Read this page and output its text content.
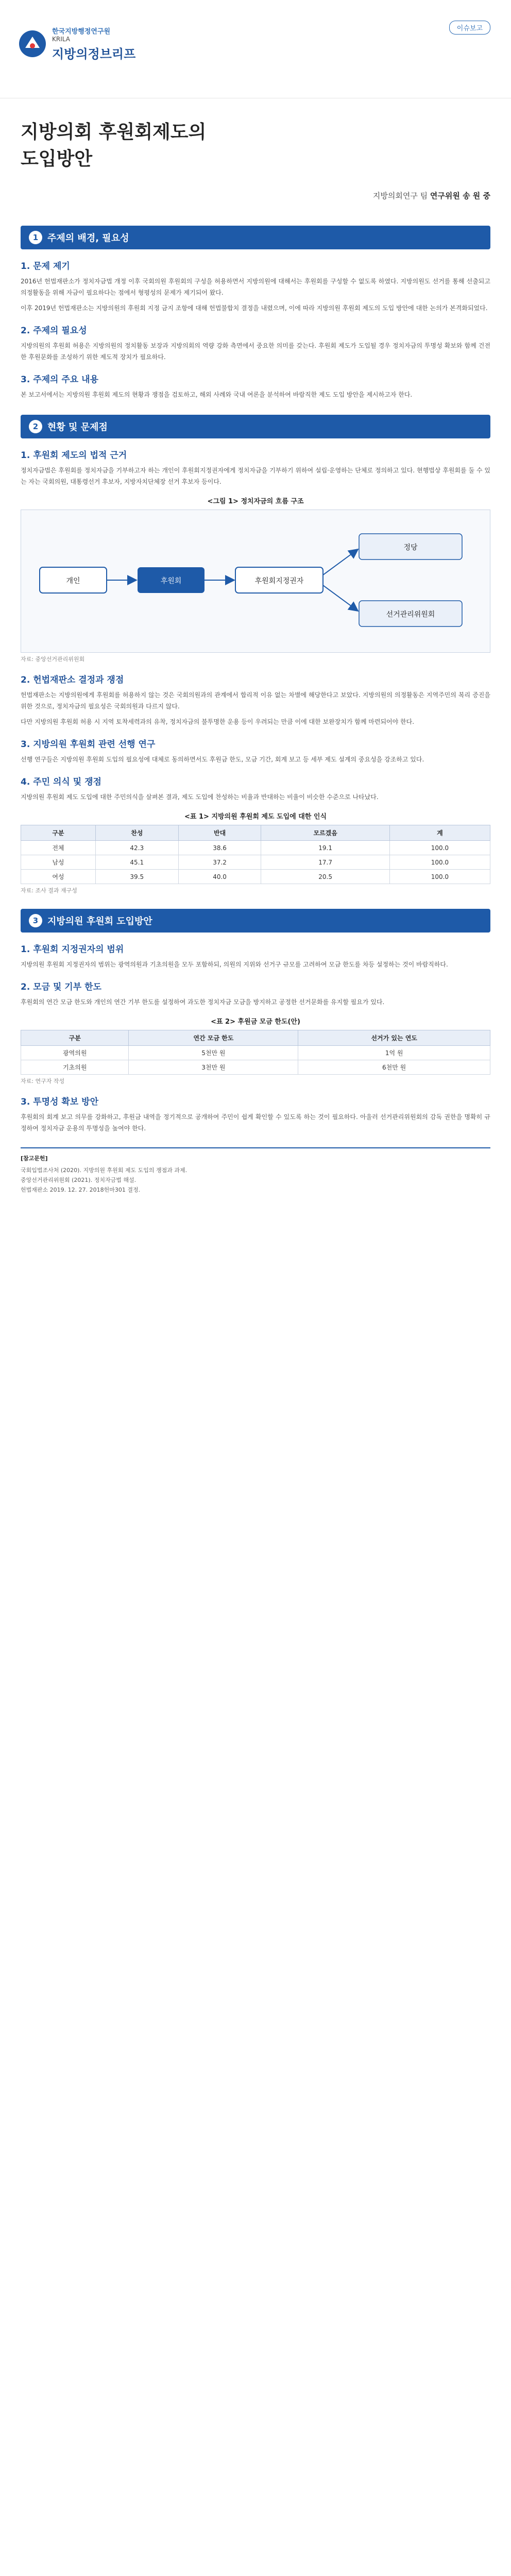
한국지방행정연구원
KRILA
지방의정브리프
이슈보고
지방의회 후원회제도의
도입방안
지방의회연구 팀 연구위원 송 원 중
1 주제의 배경, 필요성
1. 문제 제기

2016년 헌법재판소가 정치자금법 개정 이후 국회의원 후원회의 구성을 허용하면서 지방의원에 대해서는 후원회를 구성할 수 없도록 하였다. 지방의원도 선거를 통해 선출되고 의정활동을 위해 자금이 필요하다는 점에서 형평성의 문제가 제기되어 왔다.

이후 2019년 헌법재판소는 지방의원의 후원회 지정 금지 조항에 대해 헌법불합치 결정을 내렸으며, 이에 따라 지방의원 후원회 제도의 도입 방안에 대한 논의가 본격화되었다.

2. 주제의 필요성

지방의원의 후원회 허용은 지방의원의 정치활동 보장과 지방의회의 역량 강화 측면에서 중요한 의미를 갖는다. 후원회 제도가 도입될 경우 정치자금의 투명성 확보와 함께 건전한 후원문화를 조성하기 위한 제도적 장치가 필요하다.

3. 주제의 주요 내용

본 보고서에서는 지방의원 후원회 제도의 현황과 쟁점을 검토하고, 해외 사례와 국내 여론을 분석하여 바람직한 제도 도입 방안을 제시하고자 한다.

2 현황 및 문제점
1. 후원회 제도의 법적 근거

정치자금법은 후원회를 정치자금을 기부하고자 하는 개인이 후원회지정권자에게 정치자금을 기부하기 위하여 설립·운영하는 단체로 정의하고 있다. 현행법상 후원회를 둘 수 있는 자는 국회의원, 대통령선거 후보자, 지방자치단체장 선거 후보자 등이다.

<그림 1> 정치자금의 흐름 구조
개인	후원회	후원회지정권자
정당
선거관리위원회
자료: 중앙선거관리위원회
2. 헌법재판소 결정과 쟁점

헌법재판소는 지방의원에게 후원회를 허용하지 않는 것은 국회의원과의 관계에서 합리적 이유 없는 차별에 해당한다고 보았다. 지방의원의 의정활동은 지역주민의 복리 증진을 위한 것으로, 정치자금의 필요성은 국회의원과 다르지 않다.

다만 지방의원 후원회 허용 시 지역 토착세력과의 유착, 정치자금의 불투명한 운용 등이 우려되는 만큼 이에 대한 보완장치가 함께 마련되어야 한다.

3. 지방의원 후원회 관련 선행 연구

선행 연구들은 지방의원 후원회 도입의 필요성에 대체로 동의하면서도 후원금 한도, 모금 기간, 회계 보고 등 세부 제도 설계의 중요성을 강조하고 있다.

4. 주민 의식 및 쟁점

지방의원 후원회 제도 도입에 대한 주민의식을 살펴본 결과, 제도 도입에 찬성하는 비율과 반대하는 비율이 비슷한 수준으로 나타났다.

<표 1> 지방의원 후원회 제도 도입에 대한 인식
구분	찬성	반대	모르겠음	계
전체	42.3	38.6	19.1	100.0
남성	45.1	37.2	17.7	100.0
여성	39.5	40.0	20.5	100.0
자료: 조사 결과 재구성
3 지방의원 후원회 도입방안
1. 후원회 지정권자의 범위

지방의원 후원회 지정권자의 범위는 광역의원과 기초의원을 모두 포함하되, 의원의 지위와 선거구 규모를 고려하여 모금 한도를 차등 설정하는 것이 바람직하다.

2. 모금 및 기부 한도

후원회의 연간 모금 한도와 개인의 연간 기부 한도를 설정하여 과도한 정치자금 모금을 방지하고 공정한 선거문화를 유지할 필요가 있다.

<표 2> 후원금 모금 한도(안)
구분	연간 모금 한도	선거가 있는 연도
광역의원	5천만 원	1억 원
기초의원	3천만 원	6천만 원
자료: 연구자 작성
3. 투명성 확보 방안

후원회의 회계 보고 의무를 강화하고, 후원금 내역을 정기적으로 공개하여 주민이 쉽게 확인할 수 있도록 하는 것이 필요하다. 아울러 선거관리위원회의 감독 권한을 명확히 규정하여 정치자금 운용의 투명성을 높여야 한다.

[참고문헌]
국회입법조사처 (2020). 지방의원 후원회 제도 도입의 쟁점과 과제.
중앙선거관리위원회 (2021). 정치자금법 해설.
헌법재판소 2019. 12. 27. 2018헌마301 결정.
